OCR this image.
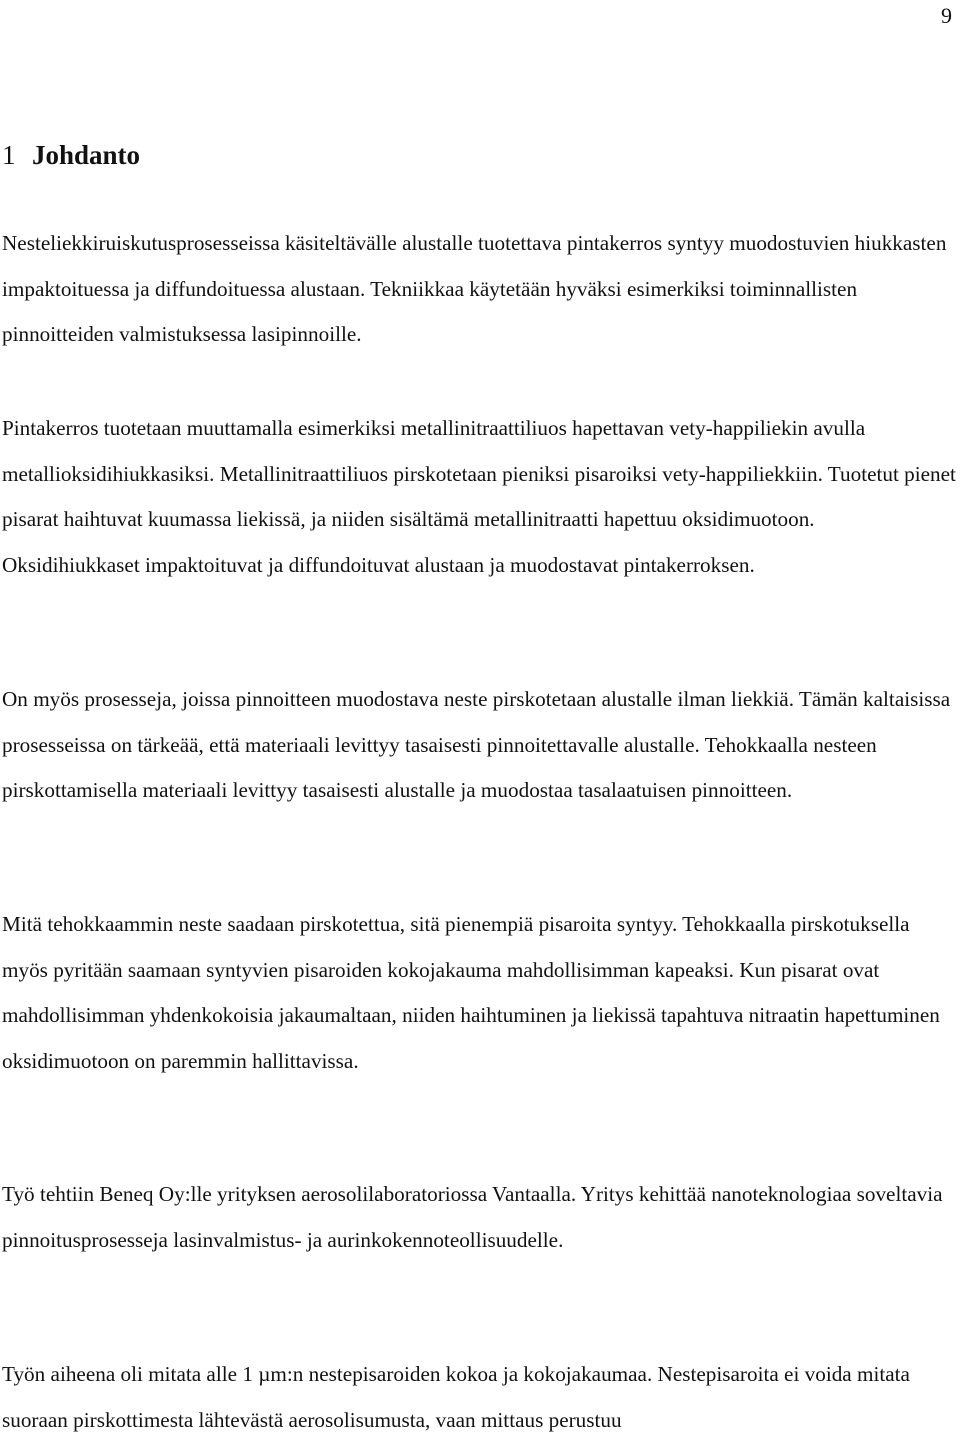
9
1 Johdanto

Nesteliekkiruiskutusprosesseissa käsiteltävälle alustalle tuotettava pintakerros syntyy muodostuvien hiukkasten impaktoituessa ja diffundoituessa alustaan. Tekniikkaa käytetään hyväksi esimerkiksi toiminnallisten pinnoitteiden valmistuksessa lasipinnoille.

Pintakerros tuotetaan muuttamalla esimerkiksi metallinitraattiliuos hapettavan vety-happiliekin avulla metallioksidihiukkasiksi. Metallinitraattiliuos pirskotetaan pieniksi pisaroiksi vety-happiliekkiin. Tuotetut pienet pisarat haihtuvat kuumassa liekissä, ja niiden sisältämä metallinitraatti hapettuu oksidimuotoon. Oksidihiukkaset impaktoituvat ja diffundoituvat alustaan ja muodostavat pintakerroksen.

On myös prosesseja, joissa pinnoitteen muodostava neste pirskotetaan alustalle ilman liekkiä. Tämän kaltaisissa prosesseissa on tärkeää, että materiaali levittyy tasaisesti pinnoitettavalle alustalle. Tehokkaalla nesteen pirskottamisella materiaali levittyy tasaisesti alustalle ja muodostaa tasalaatuisen pinnoitteen.

Mitä tehokkaammin neste saadaan pirskotettua, sitä pienempiä pisaroita syntyy. Tehokkaalla pirskotuksella myös pyritään saamaan syntyvien pisaroiden kokojakauma mahdollisimman kapeaksi. Kun pisarat ovat mahdollisimman yhdenkokoisia jakaumaltaan, niiden haihtuminen ja liekissä tapahtuva nitraatin hapettuminen oksidimuotoon on paremmin hallittavissa.

Työ tehtiin Beneq Oy:lle yrityksen aerosolilaboratoriossa Vantaalla. Yritys kehittää nanoteknologiaa soveltavia pinnoitusprosesseja lasinvalmistus- ja aurinkokennoteollisuudelle.

Työn aiheena oli mitata alle 1 µm:n nestepisaroiden kokoa ja kokojakaumaa. Nestepisaroita ei voida mitata suoraan pirskottimesta lähtevästä aerosolisumusta, vaan mittaus perustuu
